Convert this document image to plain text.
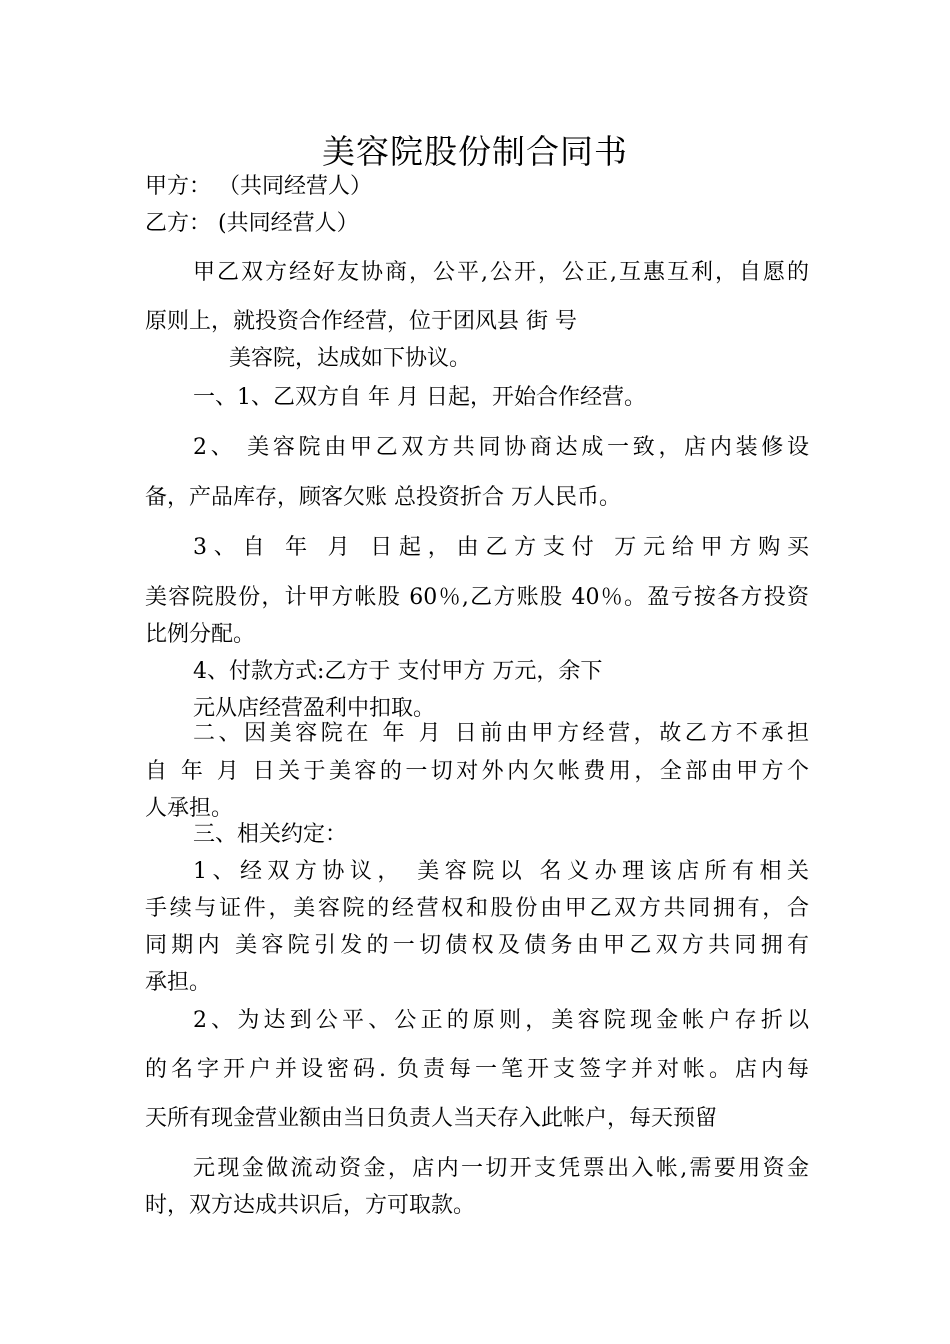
美容院股份制合同书
甲方： （共同经营人）
乙方： (共同经营人）
甲乙双方经好友协商，公平,公开，公正,互惠互利，自愿的
原则上，就投资合作经营，位于团风县 街 号
美容院，达成如下协议。
一、1、乙双方自 年 月 日起，开始合作经营。
2、 美容院由甲乙双方共同协商达成一致，店内装修设
备，产品库存，顾客欠账 总投资折合 万人民币。
3、自 年 月 日起，由乙方支付 万元给甲方购买
美容院股份，计甲方帐股 60％,乙方账股 40％。盈亏按各方投资
比例分配。
4、付款方式:乙方于 支付甲方 万元，余下
元从店经营盈利中扣取。
二、因美容院在 年 月 日前由甲方经营，故乙方不承担
自 年 月 日关于美容的一切对外内欠帐费用，全部由甲方个
人承担。
三、相关约定：
1、经双方协议， 美容院以 名义办理该店所有相关
手续与证件，美容院的经营权和股份由甲乙双方共同拥有，合
同期内 美容院引发的一切债权及债务由甲乙双方共同拥有
承担。
2、为达到公平、公正的原则，美容院现金帐户存折以
的名字开户并设密码. 负责每一笔开支签字并对帐。店内每
天所有现金营业额由当日负责人当天存入此帐户，每天预留
元现金做流动资金，店内一切开支凭票出入帐,需要用资金
时，双方达成共识后，方可取款。
